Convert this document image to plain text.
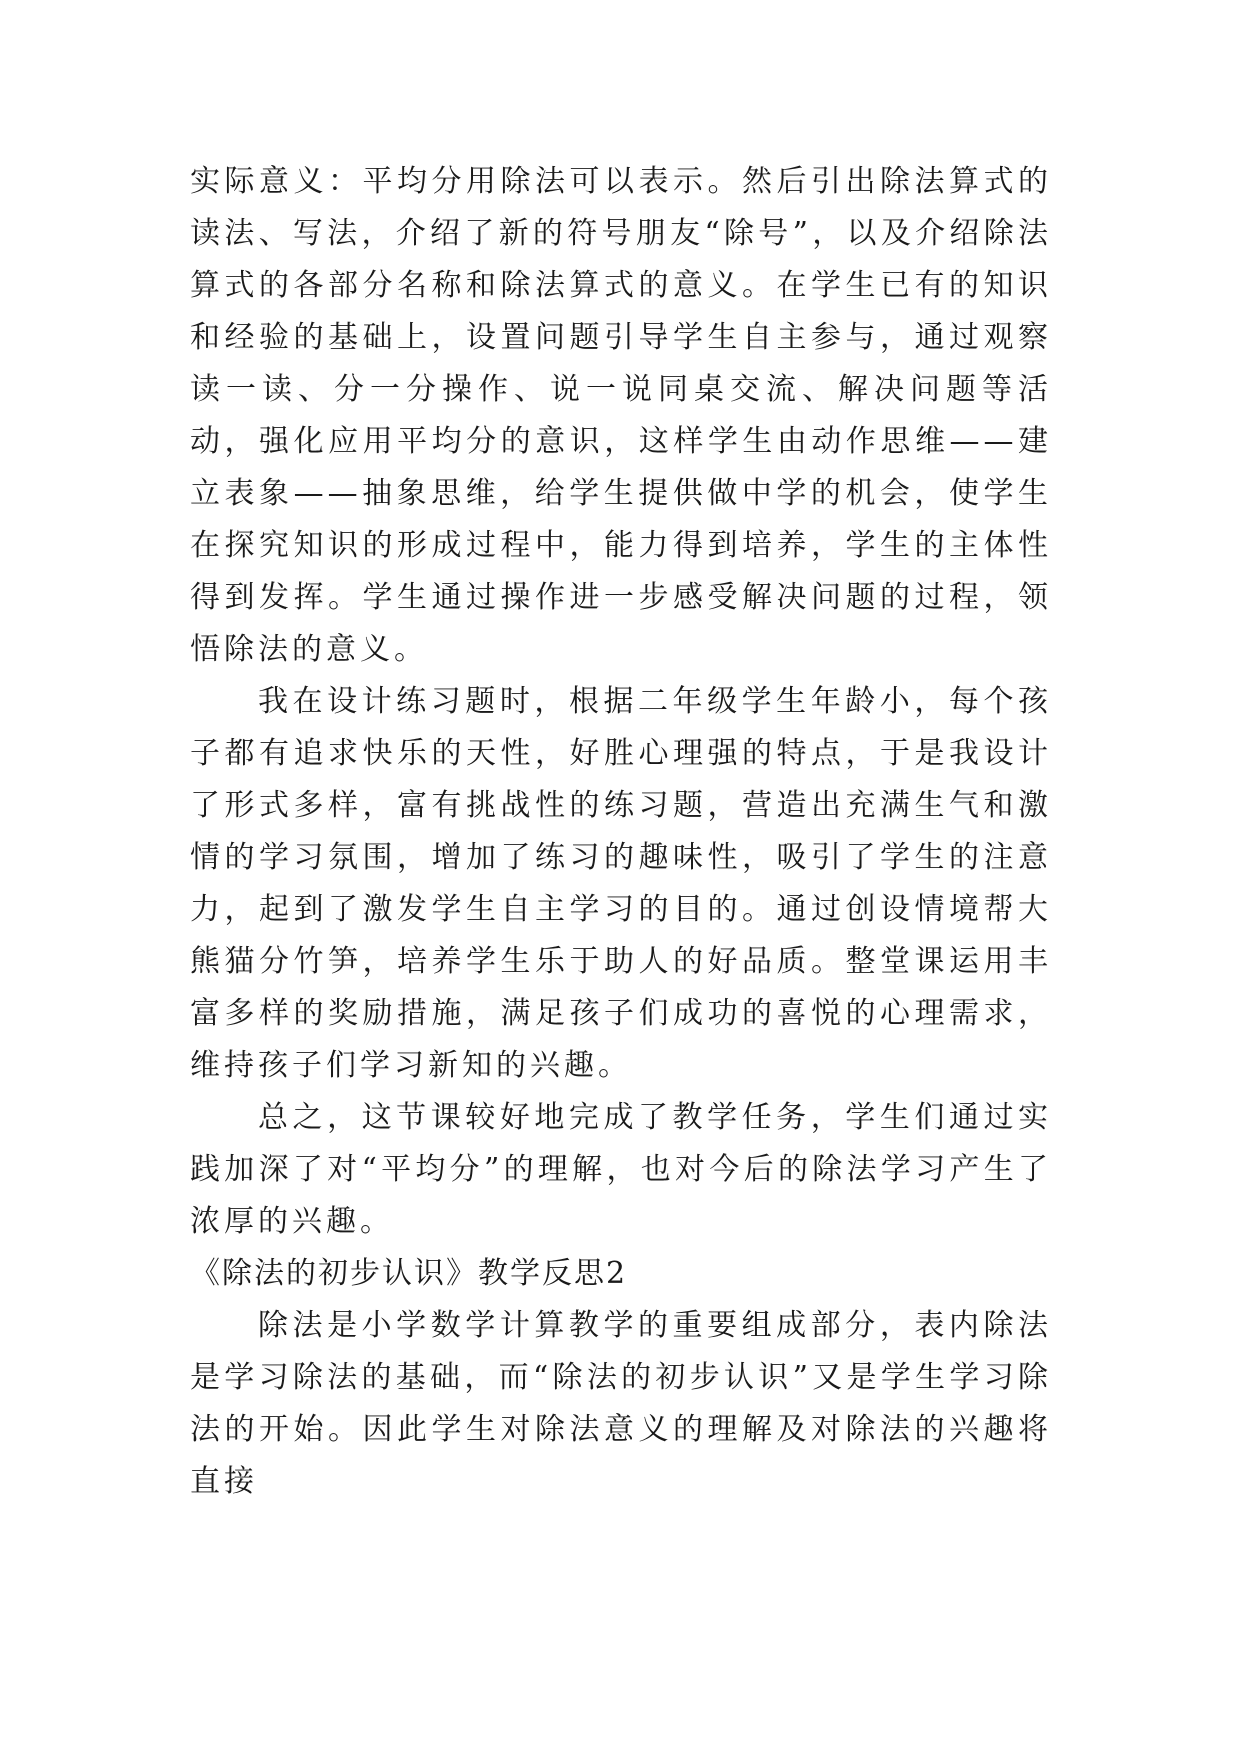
实际意义：平均分用除法可以表示。然后引出除法算式的读法、写法，介绍了新的符号朋友“除号”，以及介绍除法算式的各部分名称和除法算式的意义。在学生已有的知识和经验的基础上，设置问题引导学生自主参与，通过观察读一读、分一分操作、说一说同桌交流、解决问题等活动，强化应用平均分的意识，这样学生由动作思维——建立表象——抽象思维，给学生提供做中学的机会，使学生在探究知识的形成过程中，能力得到培养，学生的主体性得到发挥。学生通过操作进一步感受解决问题的过程，领悟除法的意义。

我在设计练习题时，根据二年级学生年龄小，每个孩子都有追求快乐的天性，好胜心理强的特点，于是我设计了形式多样，富有挑战性的练习题，营造出充满生气和激情的学习氛围，增加了练习的趣味性，吸引了学生的注意力，起到了激发学生自主学习的目的。通过创设情境帮大熊猫分竹笋，培养学生乐于助人的好品质。整堂课运用丰富多样的奖励措施，满足孩子们成功的喜悦的心理需求，维持孩子们学习新知的兴趣。

总之，这节课较好地完成了教学任务，学生们通过实践加深了对“平均分”的理解，也对今后的除法学习产生了浓厚的兴趣。

《除法的初步认识》教学反思2

除法是小学数学计算教学的重要组成部分，表内除法是学习除法的基础，而“除法的初步认识”又是学生学习除法的开始。因此学生对除法意义的理解及对除法的兴趣将直接
